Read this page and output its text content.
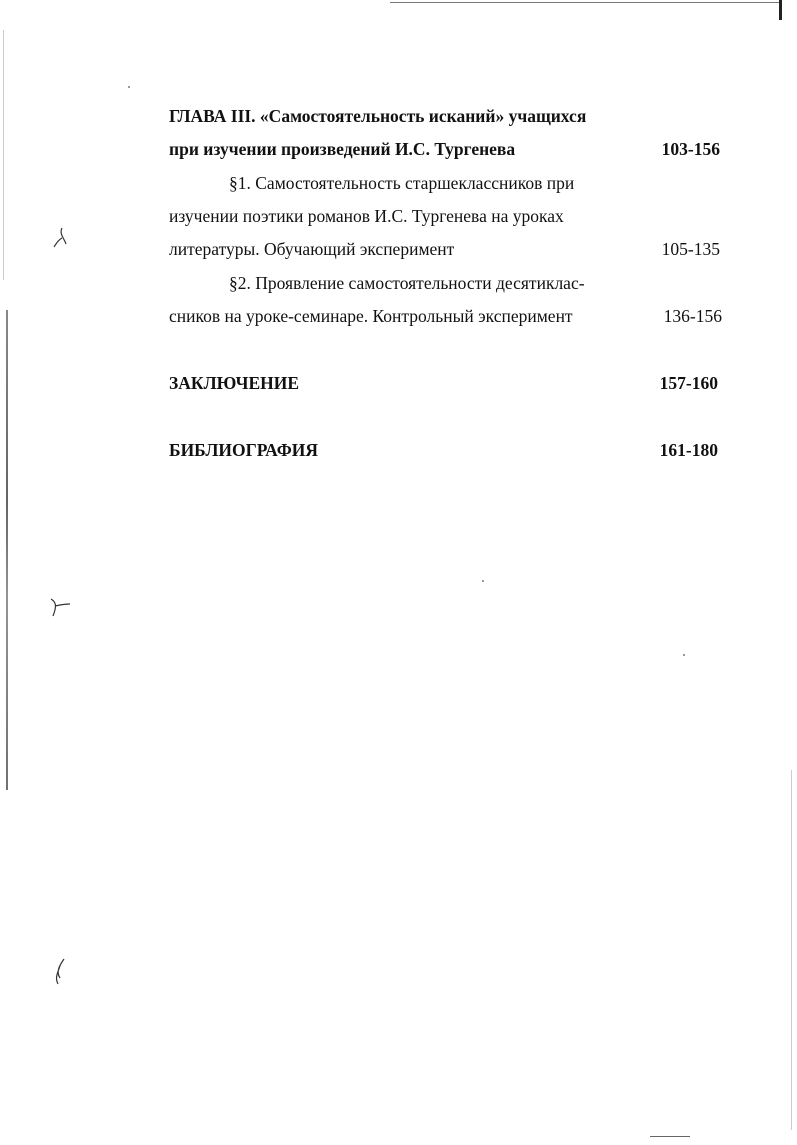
ГЛАВА III. «Самостоятельность исканий» учащихся
при изучении произведений И.С. Тургенева	103-156
§1. Самостоятельность старшеклассников при
изучении поэтики романов И.С. Тургенева на уроках
литературы. Обучающий эксперимент	105-135
§2. Проявление самостоятельности десятиклас-
сников на уроке-семинаре. Контрольный эксперимент	136-156
ЗАКЛЮЧЕНИЕ	157-160
БИБЛИОГРАФИЯ	161-180
